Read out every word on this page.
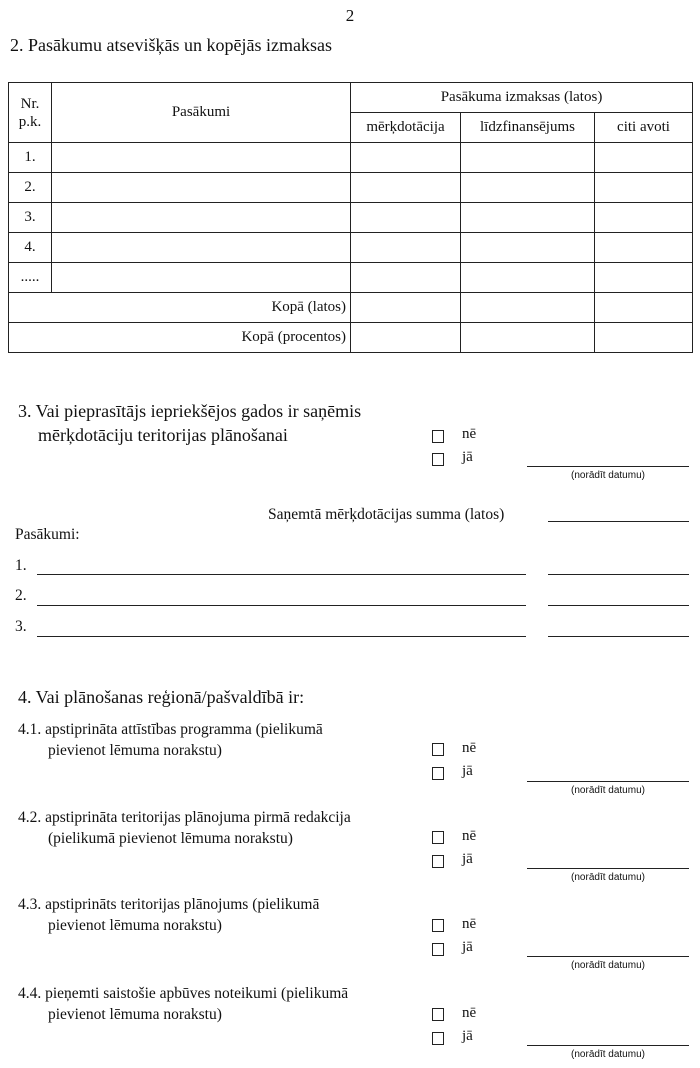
2
2. Pasākumu atsevišķās un kopējās izmaksas
Nr.
p.k.	Pasākumi	Pasākuma izmaksas (latos)		
		mērķdotācija	līdzfinansējums	citi avoti
1.				
2.				
3.				
4.				
.....				
Kopā (latos)				
Kopā (procentos)				
3. Vai pieprasītājs iepriekšējos gados ir saņēmis
mērķdotāciju teritorijas plānošanai	nē
jā
(norādīt datumu)
Saņemtā mērķdotācijas summa (latos)
Pasākumi:
1.
2.
3.
4. Vai plānošanas reģionā/pašvaldībā ir:
4.1. apstiprināta attīstības programma (pielikumā
pievienot lēmuma norakstu)	nē
jā
(norādīt datumu)
4.2. apstiprināta teritorijas plānojuma pirmā redakcija
(pielikumā pievienot lēmuma norakstu)	nē
jā
(norādīt datumu)
4.3. apstiprināts teritorijas plānojums (pielikumā
pievienot lēmuma norakstu)	nē
jā
(norādīt datumu)
4.4. pieņemti saistošie apbūves noteikumi (pielikumā
pievienot lēmuma norakstu)	nē
jā
(norādīt datumu)
